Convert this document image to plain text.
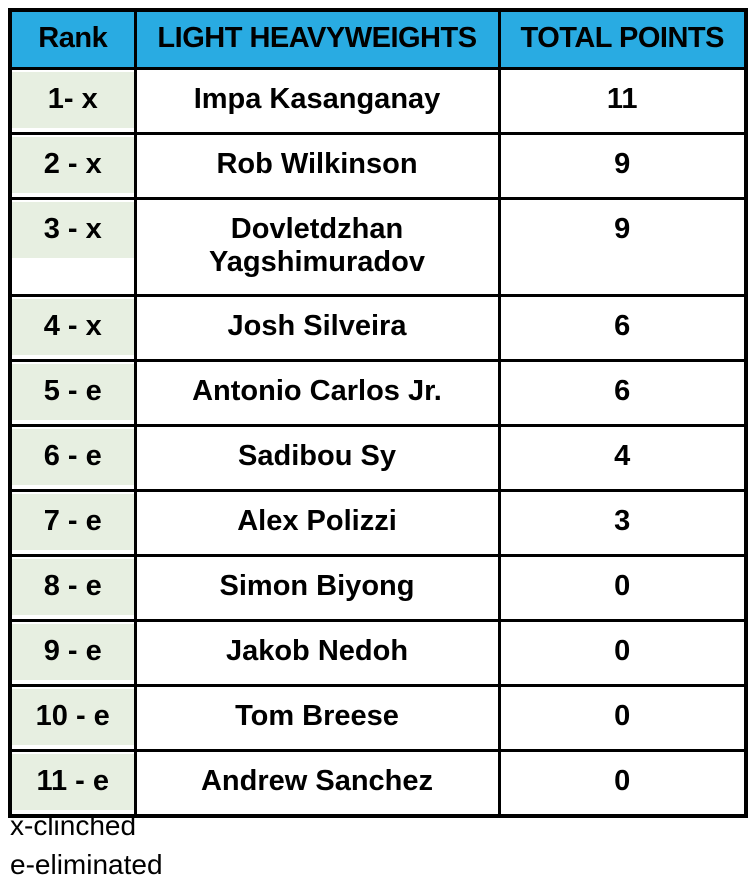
Rank	LIGHT HEAVYWEIGHTS	TOTAL POINTS

1- x	Impa Kasanganay	11

2 - x	Rob Wilkinson	9

3 - x	Dovletdzhan Yagshimuradov	9

4 - x	Josh Silveira	6

5 - e	Antonio Carlos Jr.	6

6 - e	Sadibou Sy	4

7 - e	Alex Polizzi	3

8 - e	Simon Biyong	0

9 - e	Jakob Nedoh	0

10 - e	Tom Breese	0

11 - e	Andrew Sanchez	0
x-clinched
e-eliminated
